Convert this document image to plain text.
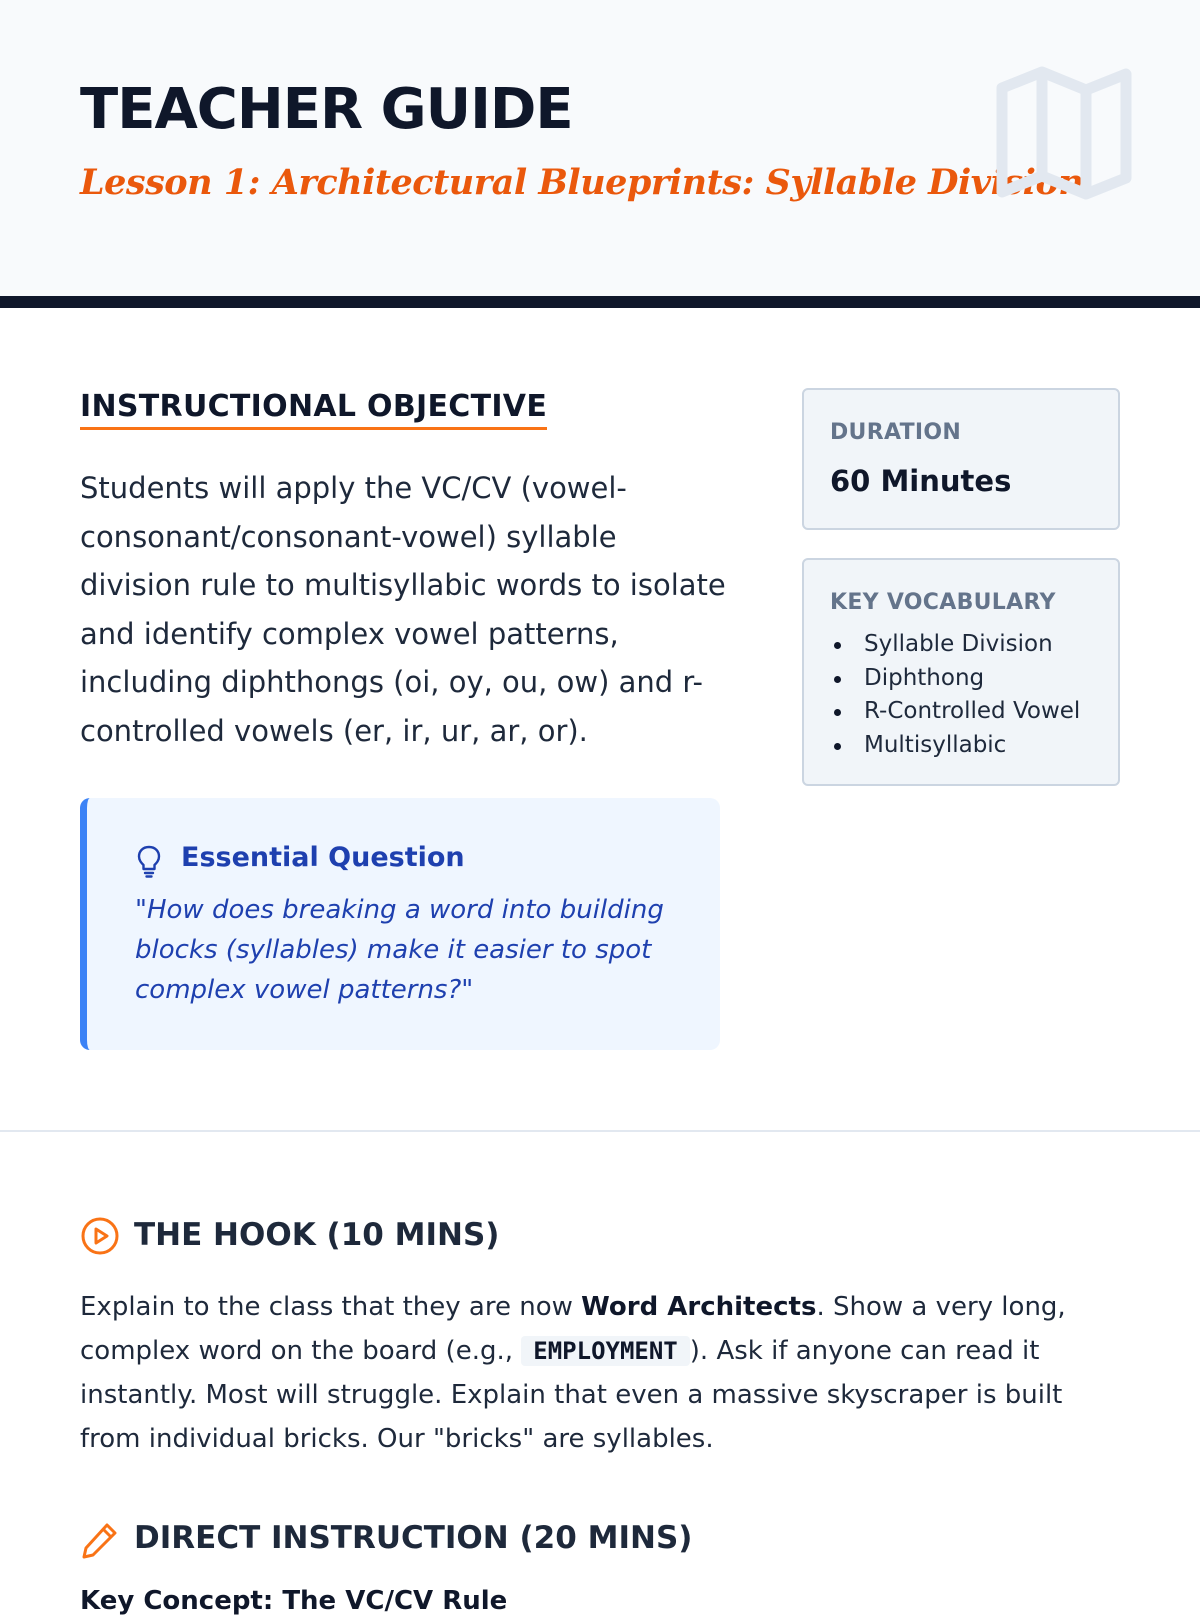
TEACHER GUIDE
Lesson 1: Architectural Blueprints: Syllable Division
INSTRUCTIONAL OBJECTIVE

Students will apply the VC/CV (vowel-consonant/consonant-vowel) syllable division rule to multisyllabic words to isolate and identify complex vowel patterns, including diphthongs (oi, oy, ou, ow) and r-controlled vowels (er, ir, ur, ar, or).

Essential Question

"How does breaking a word into building blocks (syllables) make it easier to spot complex vowel patterns?"

DURATION
60 Minutes
KEY VOCABULARY
Syllable Division
Diphthong
R-Controlled Vowel
Multisyllabic
THE HOOK (10 MINS)

Explain to the class that they are now Word Architects. Show a very long, complex word on the board (e.g., EMPLOYMENT ). Ask if anyone can read it instantly. Most will struggle. Explain that even a massive skyscraper is built from individual bricks. Our "bricks" are syllables.

DIRECT INSTRUCTION (20 MINS)
Key Concept: The VC/CV Rule
